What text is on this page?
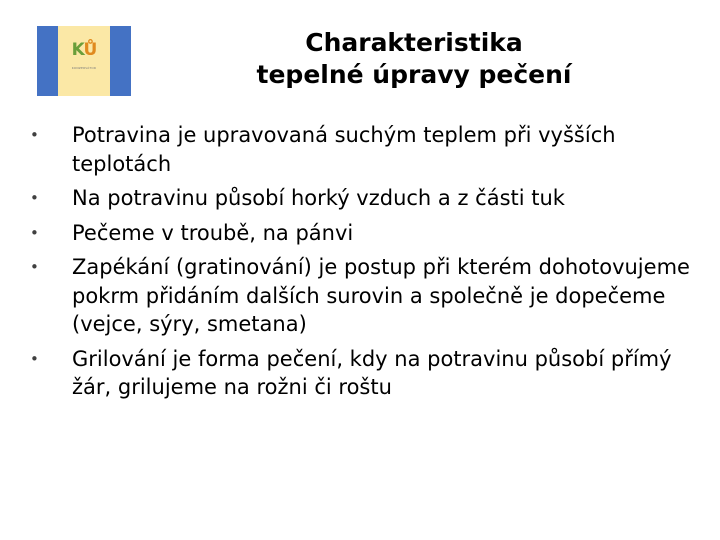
KŮ
KONZERVÁTOR
Charakteristika
tepelné úpravy pečení
• Potravina je upravovaná suchým teplem při vyšších teplotách
• Na potravinu působí horký vzduch a z části tuk
• Pečeme v troubě, na pánvi
• Zapékání (gratinování) je postup při kterém dohotovujeme pokrm přidáním dalších surovin a společně je dopečeme (vejce, sýry, smetana)
• Grilování je forma pečení, kdy na potravinu působí přímý žár, grilujeme na rožni či roštu
